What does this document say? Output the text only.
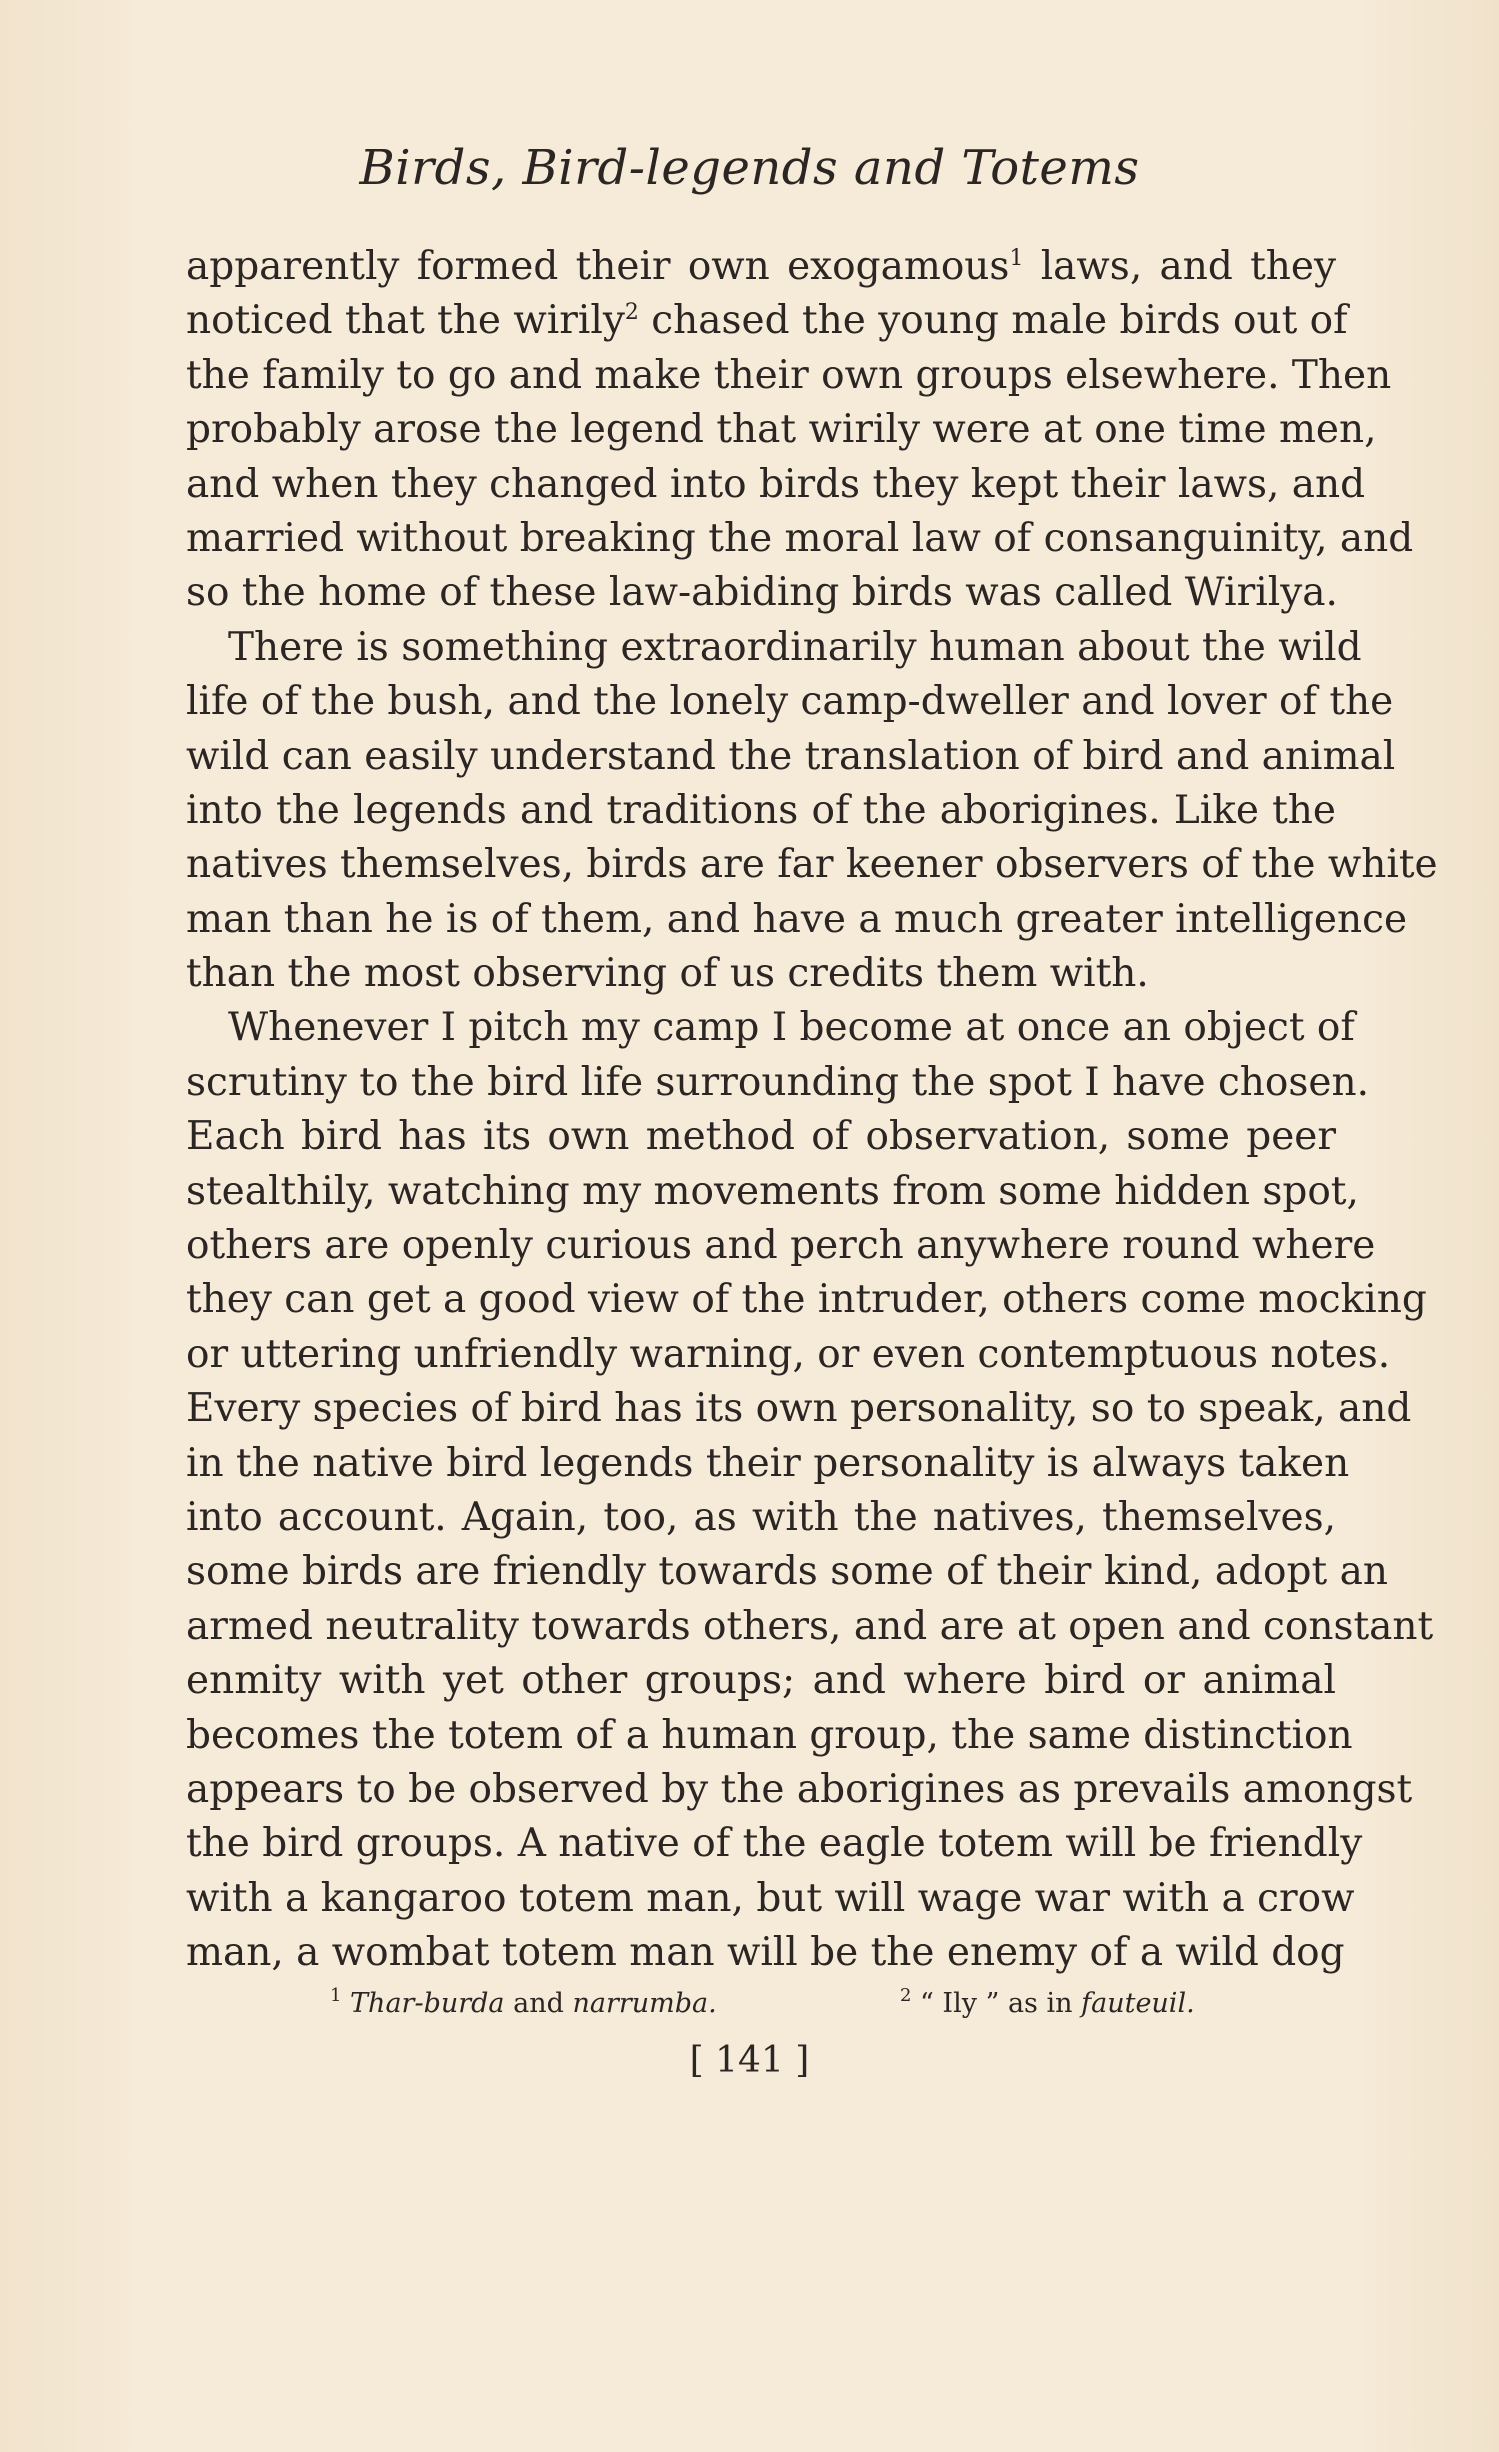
Birds, Bird-legends and Totems
apparently formed their own exogamous$^1$ laws, and they
noticed that the wirily$^2$ chased the young male birds out of
the family to go and make their own groups elsewhere. Then
probably arose the legend that wirily were at one time men,
and when they changed into birds they kept their laws, and
married without breaking the moral law of consanguinity, and
so the home of these law-abiding birds was called Wirilya.
There is something extraordinarily human about the wild
life of the bush, and the lonely camp-dweller and lover of the
wild can easily understand the translation of bird and animal
into the legends and traditions of the aborigines. Like the
natives themselves, birds are far keener observers of the white
man than he is of them, and have a much greater intelligence
than the most observing of us credits them with.
Whenever I pitch my camp I become at once an object of
scrutiny to the bird life surrounding the spot I have chosen.
Each bird has its own method of observation, some peer
stealthily, watching my movements from some hidden spot,
others are openly curious and perch anywhere round where
they can get a good view of the intruder, others come mocking
or uttering unfriendly warning, or even contemptuous notes.
Every species of bird has its own personality, so to speak, and
in the native bird legends their personality is always taken
into account. Again, too, as with the natives, themselves,
some birds are friendly towards some of their kind, adopt an
armed neutrality towards others, and are at open and constant
enmity with yet other groups; and where bird or animal
becomes the totem of a human group, the same distinction
appears to be observed by the aborigines as prevails amongst
the bird groups. A native of the eagle totem will be friendly
with a kangaroo totem man, but will wage war with a crow
man, a wombat totem man will be the enemy of a wild dog
$^1$ Thar-burda and narrumba.	$^2$ “ Ily ” as in fauteuil.
[ 141 ]
